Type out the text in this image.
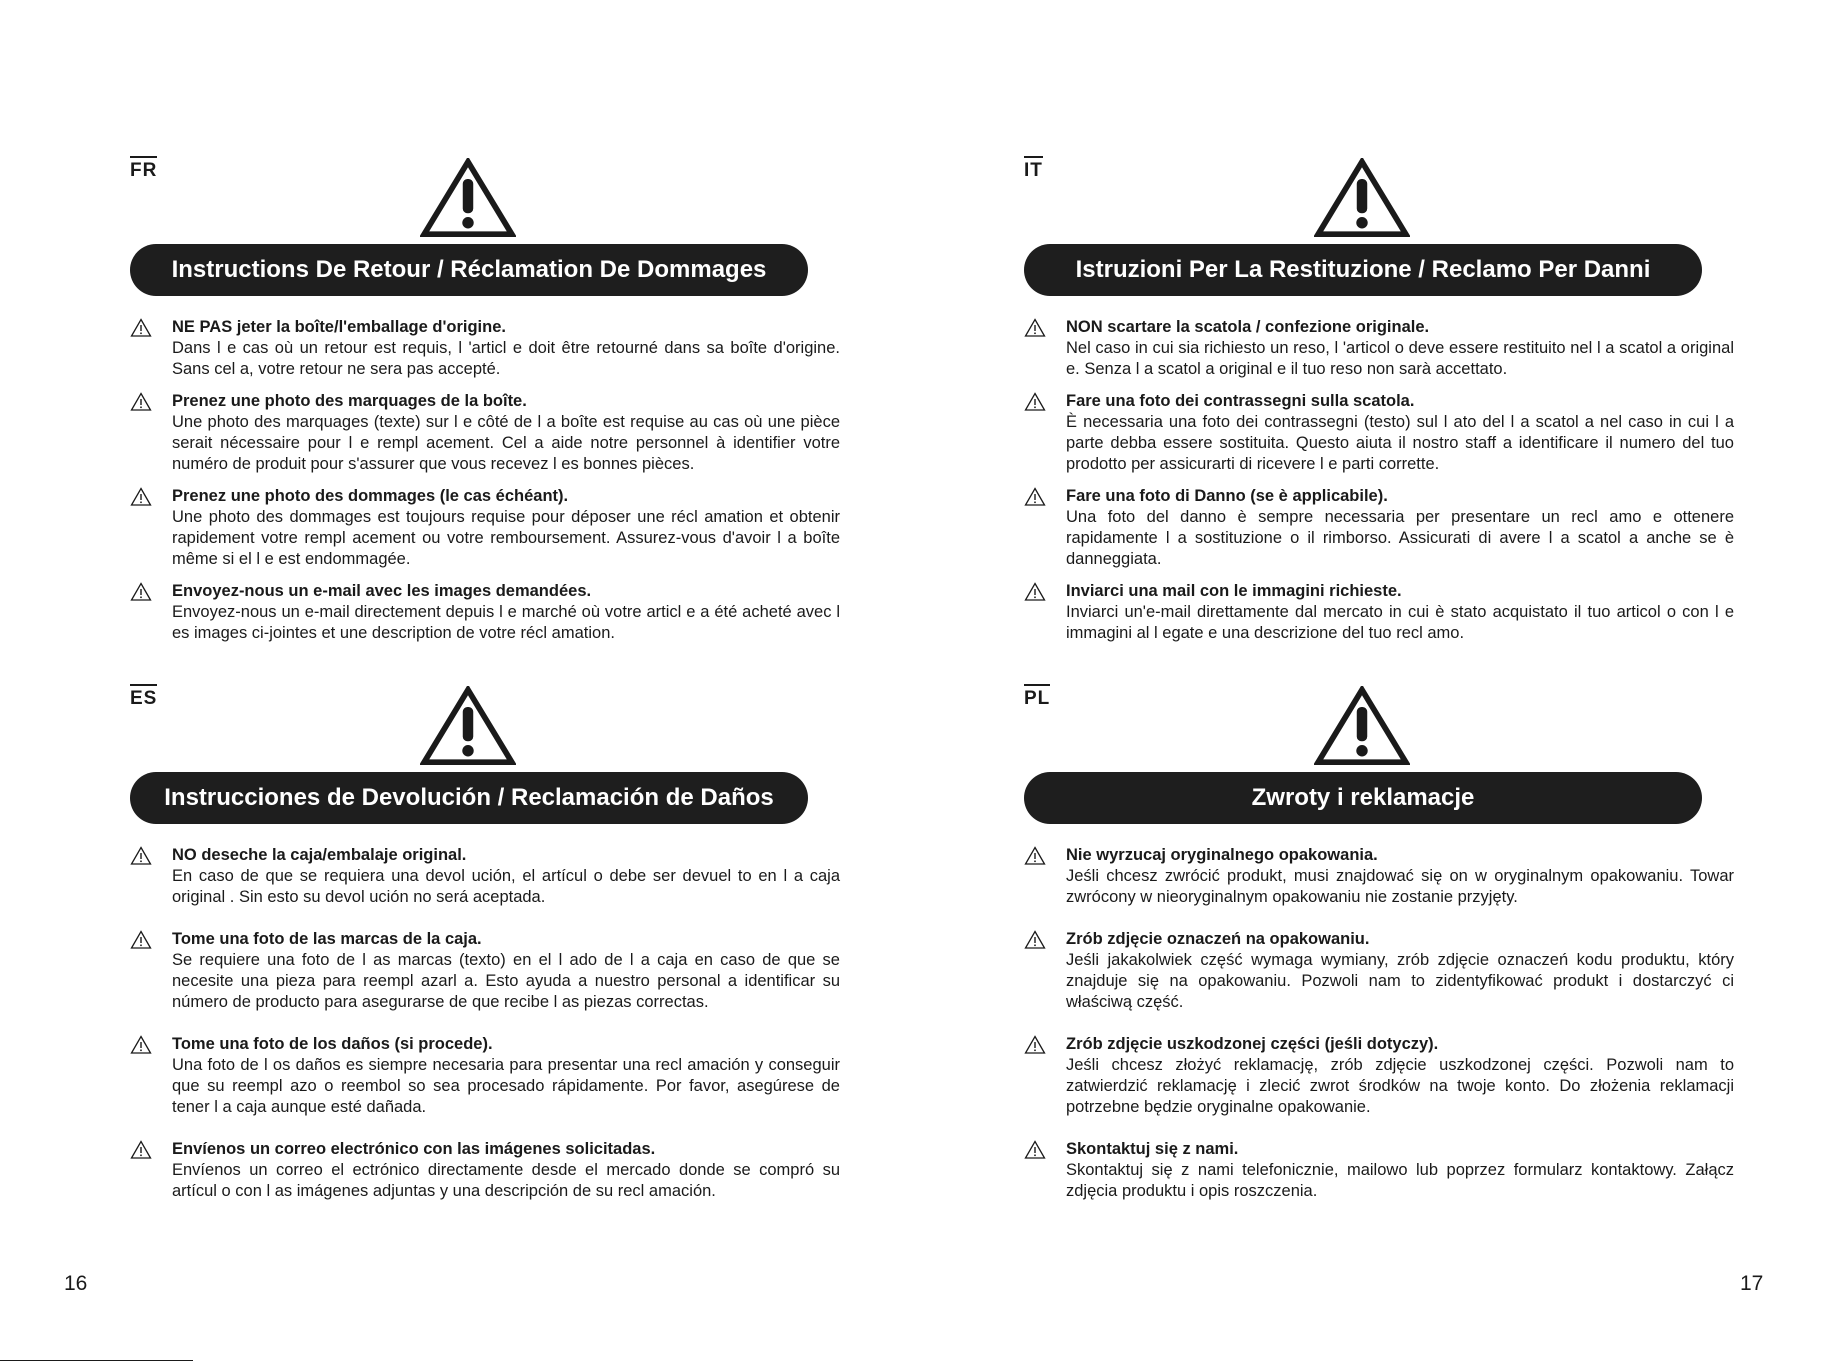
FR
Instructions De Retour / Réclamation De Dommages
NE PAS jeter la boîte/l'emballage d'origine.
Dans l e cas où un retour est requis, l 'articl e doit être retourné dans sa boîte d'origine. Sans cel a, votre retour ne sera pas accepté.
Prenez une photo des marquages de la boîte.
Une photo des marquages (texte) sur l e côté de l a boîte est requise au cas où une pièce serait nécessaire pour l e rempl acement. Cel a aide notre personnel à identifier votre numéro de produit pour s'assurer que vous recevez l es bonnes pièces.
Prenez une photo des dommages (le cas échéant).
Une photo des dommages est toujours requise pour déposer une récl amation et obtenir rapidement votre rempl acement ou votre remboursement. Assurez-vous d'avoir l a boîte même si el l e est endommagée.
Envoyez-nous un e-mail avec les images demandées.
Envoyez-nous un e-mail directement depuis l e marché où votre articl e a été acheté avec l es images ci-jointes et une description de votre récl amation.
IT
Istruzioni Per La Restituzione / Reclamo Per Danni
NON scartare la scatola / confezione originale.
Nel caso in cui sia richiesto un reso, l 'articol o deve essere restituito nel l a scatol a original e. Senza l a scatol a original e il tuo reso non sarà accettato.
Fare una foto dei contrassegni sulla scatola.
È necessaria una foto dei contrassegni (testo) sul l ato del l a scatol a nel caso in cui l a parte debba essere sostituita. Questo aiuta il nostro staff a identificare il numero del tuo prodotto per assicurarti di ricevere l e parti corrette.
Fare una foto di Danno (se è applicabile).
Una foto del danno è sempre necessaria per presentare un recl amo e ottenere rapidamente l a sostituzione o il rimborso. Assicurati di avere l a scatol a anche se è danneggiata.
Inviarci una mail con le immagini richieste.
Inviarci un'e-mail direttamente dal mercato in cui è stato acquistato il tuo articol o con l e immagini al l egate e una descrizione del tuo recl amo.
ES
Instrucciones de Devolución / Reclamación de Daños
NO deseche la caja/embalaje original.
En caso de que se requiera una devol ución, el artícul o debe ser devuel to en l a caja original . Sin esto su devol ución no será aceptada.
Tome una foto de las marcas de la caja.
Se requiere una foto de l as marcas (texto) en el l ado de l a caja en caso de que se necesite una pieza para reempl azarl a. Esto ayuda a nuestro personal a identificar su número de producto para asegurarse de que recibe l as piezas correctas.
Tome una foto de los daños (si procede).
Una foto de l os daños es siempre necesaria para presentar una recl amación y conseguir que su reempl azo o reembol so sea procesado rápidamente. Por favor, asegúrese de tener l a caja aunque esté dañada.
Envíenos un correo electrónico con las imágenes solicitadas.
Envíenos un correo el ectrónico directamente desde el mercado donde se compró su artícul o con l as imágenes adjuntas y una descripción de su recl amación.
PL
Zwroty i reklamacje
Nie wyrzucaj oryginalnego opakowania.
Jeśli chcesz zwrócić produkt, musi znajdować się on w oryginalnym opakowaniu. Towar zwrócony w nieoryginalnym opakowaniu nie zostanie przyjęty.
Zrób zdjęcie oznaczeń na opakowaniu.
Jeśli jakakolwiek część wymaga wymiany, zrób zdjęcie oznaczeń kodu produktu, który znajduje się na opakowaniu. Pozwoli nam to zidentyfikować produkt i dostarczyć ci właściwą część.
Zrób zdjęcie uszkodzonej części (jeśli dotyczy).
Jeśli chcesz złożyć reklamację, zrób zdjęcie uszkodzonej części. Pozwoli nam to zatwierdzić reklamację i zlecić zwrot środków na twoje konto. Do złożenia reklamacji potrzebne będzie oryginalne opakowanie.
Skontaktuj się z nami.
Skontaktuj się z nami telefonicznie, mailowo lub poprzez formularz kontaktowy. Załącz zdjęcia produktu i opis roszczenia.
16	17
